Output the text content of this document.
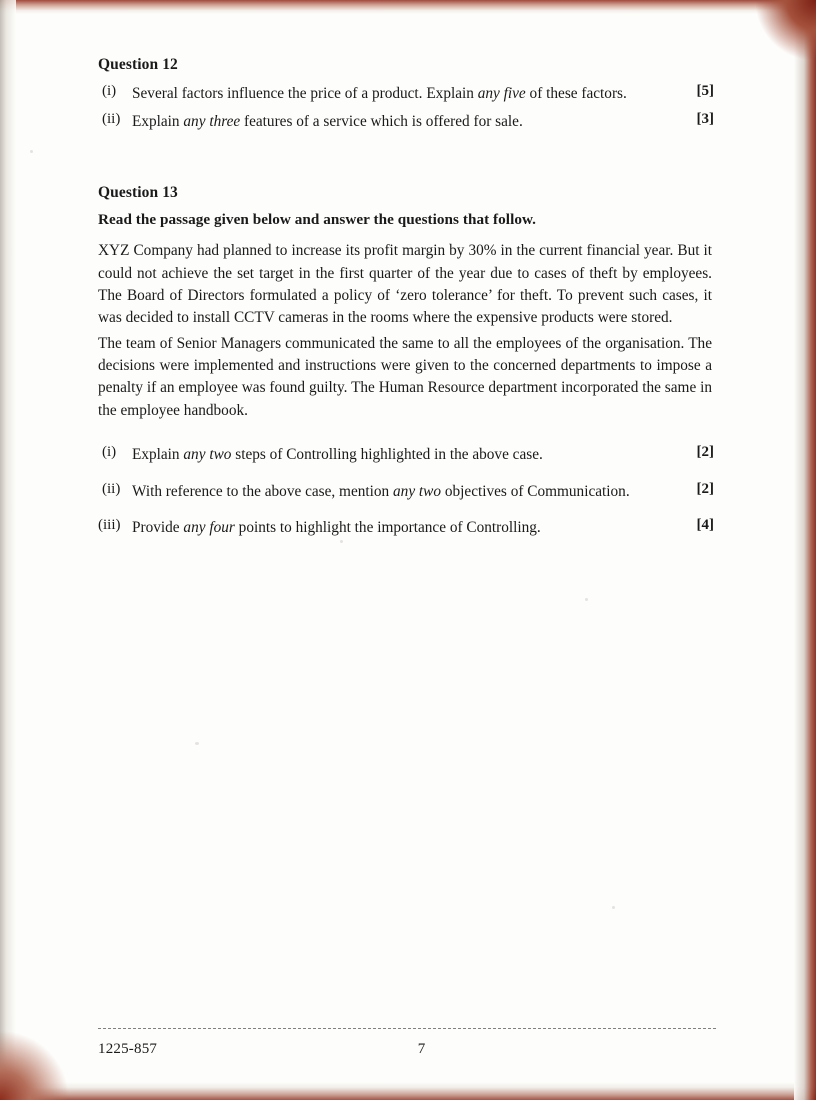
Question 12
(i)	Several factors influence the price of a product. Explain any five of these factors.	[5]
(ii) Explain any three features of a service which is offered for sale.	[3]
Question 13
Read the passage given below and answer the questions that follow.
XYZ Company had planned to increase its profit margin by 30% in the current financial year. But it could not achieve the set target in the first quarter of the year due to cases of theft by employees. The Board of Directors formulated a policy of ‘zero tolerance’ for theft. To prevent such cases, it was decided to install CCTV cameras in the rooms where the expensive products were stored.
The team of Senior Managers communicated the same to all the employees of the organisation. The decisions were implemented and instructions were given to the concerned departments to impose a penalty if an employee was found guilty. The Human Resource department incorporated the same in the employee handbook.
(i)	Explain any two steps of Controlling highlighted in the above case.	[2]
(ii) With reference to the above case, mention any two objectives of Communication.	[2]
(iii) Provide any four points to highlight the importance of Controlling.	[4]
1225-857	7
